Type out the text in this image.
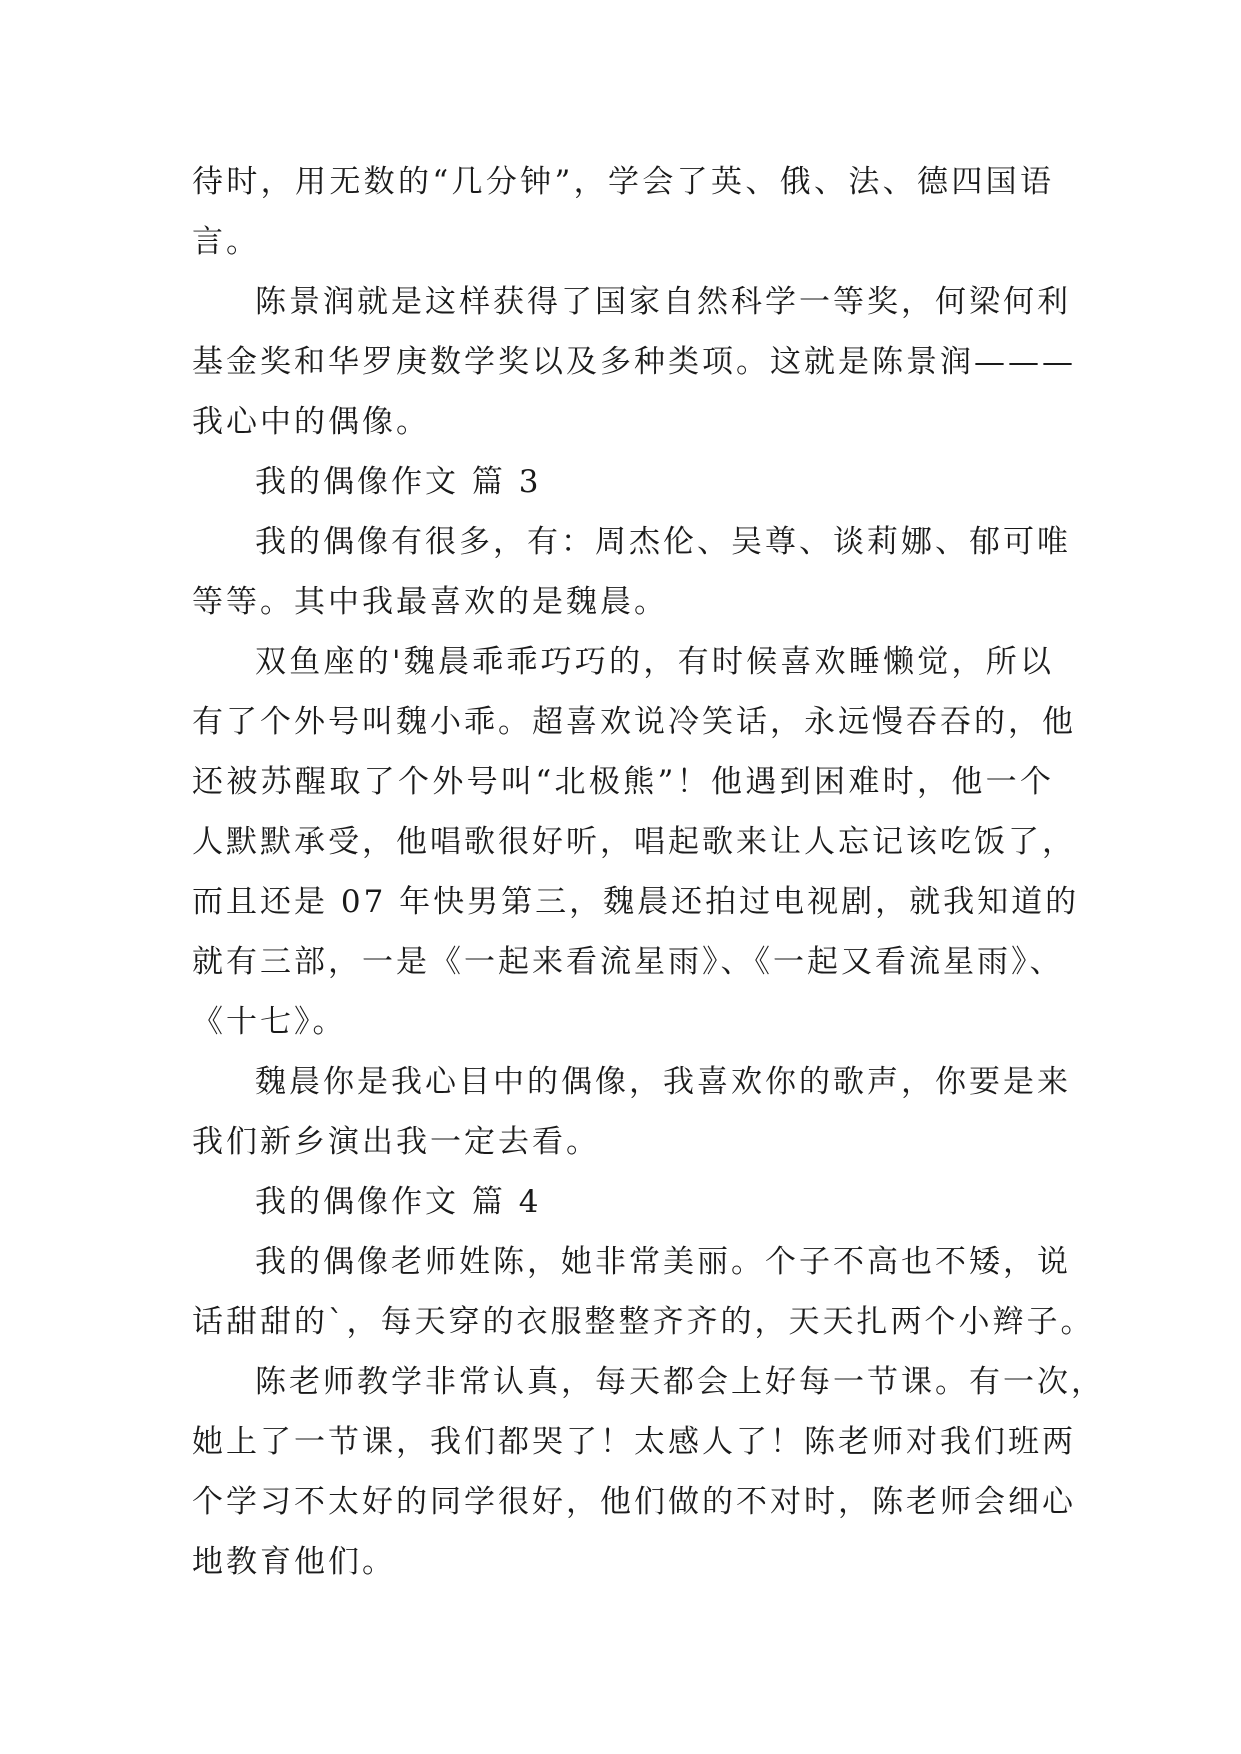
待时，用无数的“几分钟”，学会了英、俄、法、德四国语
言。
陈景润就是这样获得了国家自然科学一等奖，何梁何利
基金奖和华罗庚数学奖以及多种类项。这就是陈景润———
我心中的偶像。
我的偶像作文 篇 3
我的偶像有很多，有：周杰伦、吴尊、谈莉娜、郁可唯
等等。其中我最喜欢的是魏晨。
双鱼座的'魏晨乖乖巧巧的，有时候喜欢睡懒觉，所以
有了个外号叫魏小乖。超喜欢说冷笑话，永远慢吞吞的，他
还被苏醒取了个外号叫“北极熊”！他遇到困难时，他一个
人默默承受，他唱歌很好听，唱起歌来让人忘记该吃饭了，
而且还是 07 年快男第三，魏晨还拍过电视剧，就我知道的
就有三部，一是《一起来看流星雨》、《一起又看流星雨》、
《十七》。
魏晨你是我心目中的偶像，我喜欢你的歌声，你要是来
我们新乡演出我一定去看。
我的偶像作文 篇 4
我的偶像老师姓陈，她非常美丽。个子不高也不矮，说
话甜甜的`，每天穿的衣服整整齐齐的，天天扎两个小辫子。
陈老师教学非常认真，每天都会上好每一节课。有一次，
她上了一节课，我们都哭了！太感人了！陈老师对我们班两
个学习不太好的同学很好，他们做的不对时，陈老师会细心
地教育他们。
